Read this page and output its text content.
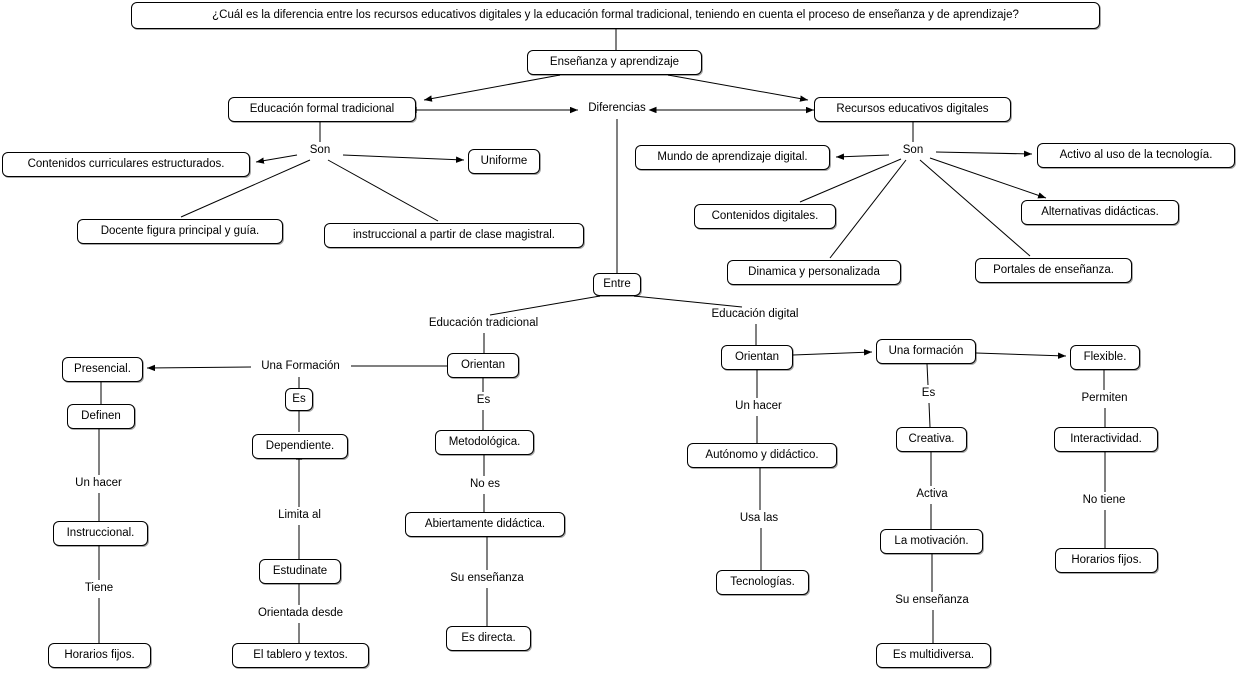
¿Cuál es la diferencia entre los recursos educativos digitales y la educación formal tradicional, teniendo en cuenta el proceso de enseñanza y de aprendizaje?
Enseñanza y aprendizaje
Educación formal tradicional	Diferencias	Recursos educativos digitales
Son
Contenidos curriculares estructurados.	Uniforme
Docente figura principal y guía.	instruccional a partir de clase magistral.
Mundo de aprendizaje digital.
Son	Activo al uso de la tecnología.
Alternativas didácticas.
Contenidos digitales.
Dinamica y personalizada	Portales de enseñanza.
Entre
Educación tradicional
Educación digital
Orientan
Una Formación
Presencial.
Es
Definen
Es
Dependiente.	Metodológica.
Un hacer
Limita al
No es
Instruccional.
Abiertamente didáctica.
Estudinate
Tiene
Su enseñanza
Orientada desde
Horarios fijos.	El tablero y textos.
Es directa.
Orientan	Una formación	Flexible.
Un hacer
Es	Permiten
Autónomo y didáctico.
Creativa.	Interactividad.
Activa
Usa las
No tiene
La motivación.
Horarios fijos.
Tecnologías.
Su enseñanza
Es multidiversa.
